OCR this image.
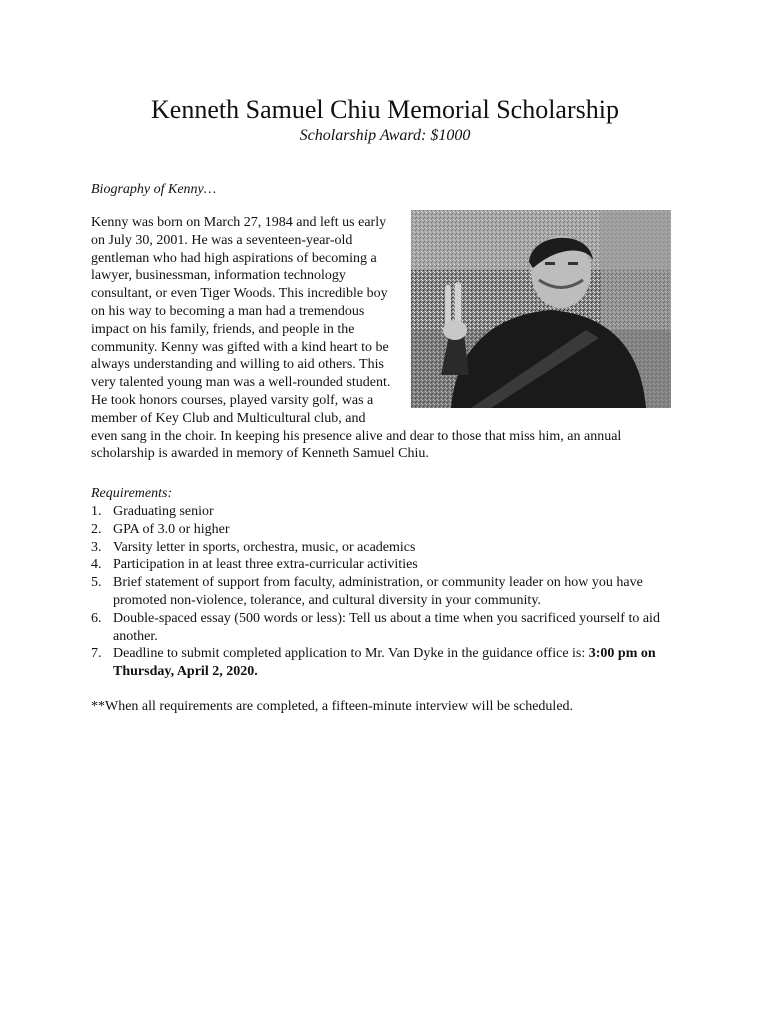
Kenneth Samuel Chiu Memorial Scholarship
Scholarship Award: $1000
Biography of Kenny…
Kenny was born on March 27, 1984 and left us early on July 30, 2001. He was a seventeen-year-old gentleman who had high aspirations of becoming a lawyer, businessman, information technology consultant, or even Tiger Woods. This incredible boy on his way to becoming a man had a tremendous impact on his family, friends, and people in the community. Kenny was gifted with a kind heart to be always understanding and willing to aid others. This very talented young man was a well-rounded student. He took honors courses, played varsity golf, was a member of Key Club and Multicultural club, and even sang in the choir. In keeping his presence alive and dear to those that miss him, an annual scholarship is awarded in memory of Kenneth Samuel Chiu.
Requirements:
1. Graduating senior
2. GPA of 3.0 or higher
3. Varsity letter in sports, orchestra, music, or academics
4. Participation in at least three extra-curricular activities
5. Brief statement of support from faculty, administration, or community leader on how you have promoted non-violence, tolerance, and cultural diversity in your community.
6. Double-spaced essay (500 words or less): Tell us about a time when you sacrificed yourself to aid another.
7. Deadline to submit completed application to Mr. Van Dyke in the guidance office is: 3:00 pm on Thursday, April 2, 2020.
**When all requirements are completed, a fifteen-minute interview will be scheduled.
